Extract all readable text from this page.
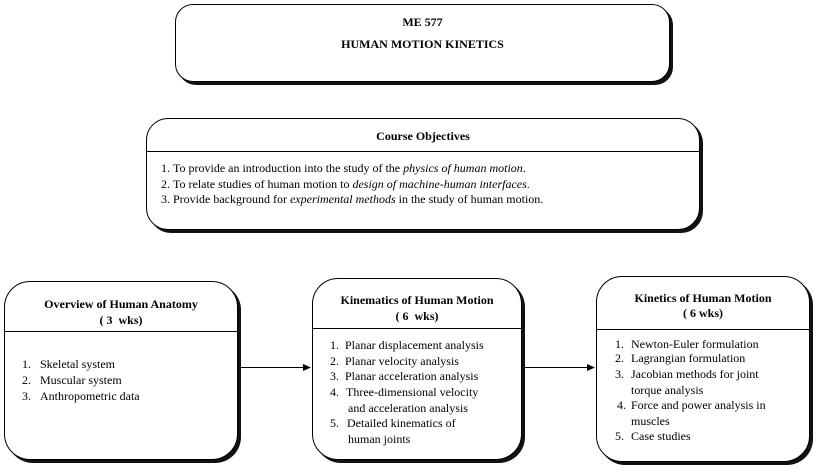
ME 577
HUMAN MOTION KINETICS
Course Objectives
1. To provide an introduction into the study of the physics of human motion.
2. To relate studies of human motion to design of machine-human interfaces.
3. Provide background for experimental methods in the study of human motion.
Overview of Human Anatomy
( 3  wks)
1. Skeletal system
2. Muscular system
3. Anthropometric data
Kinematics of Human Motion
( 6  wks)
1. Planar displacement analysis
2. Planar velocity analysis
3. Planar acceleration analysis
4. Three-dimensional velocity
and acceleration analysis
5. Detailed kinematics of
human joints
Kinetics of Human Motion
( 6 wks)
1. Newton-Euler formulation
2. Lagrangian formulation
3. Jacobian methods for joint
torque analysis
4. Force and power analysis in
muscles
5. Case studies
